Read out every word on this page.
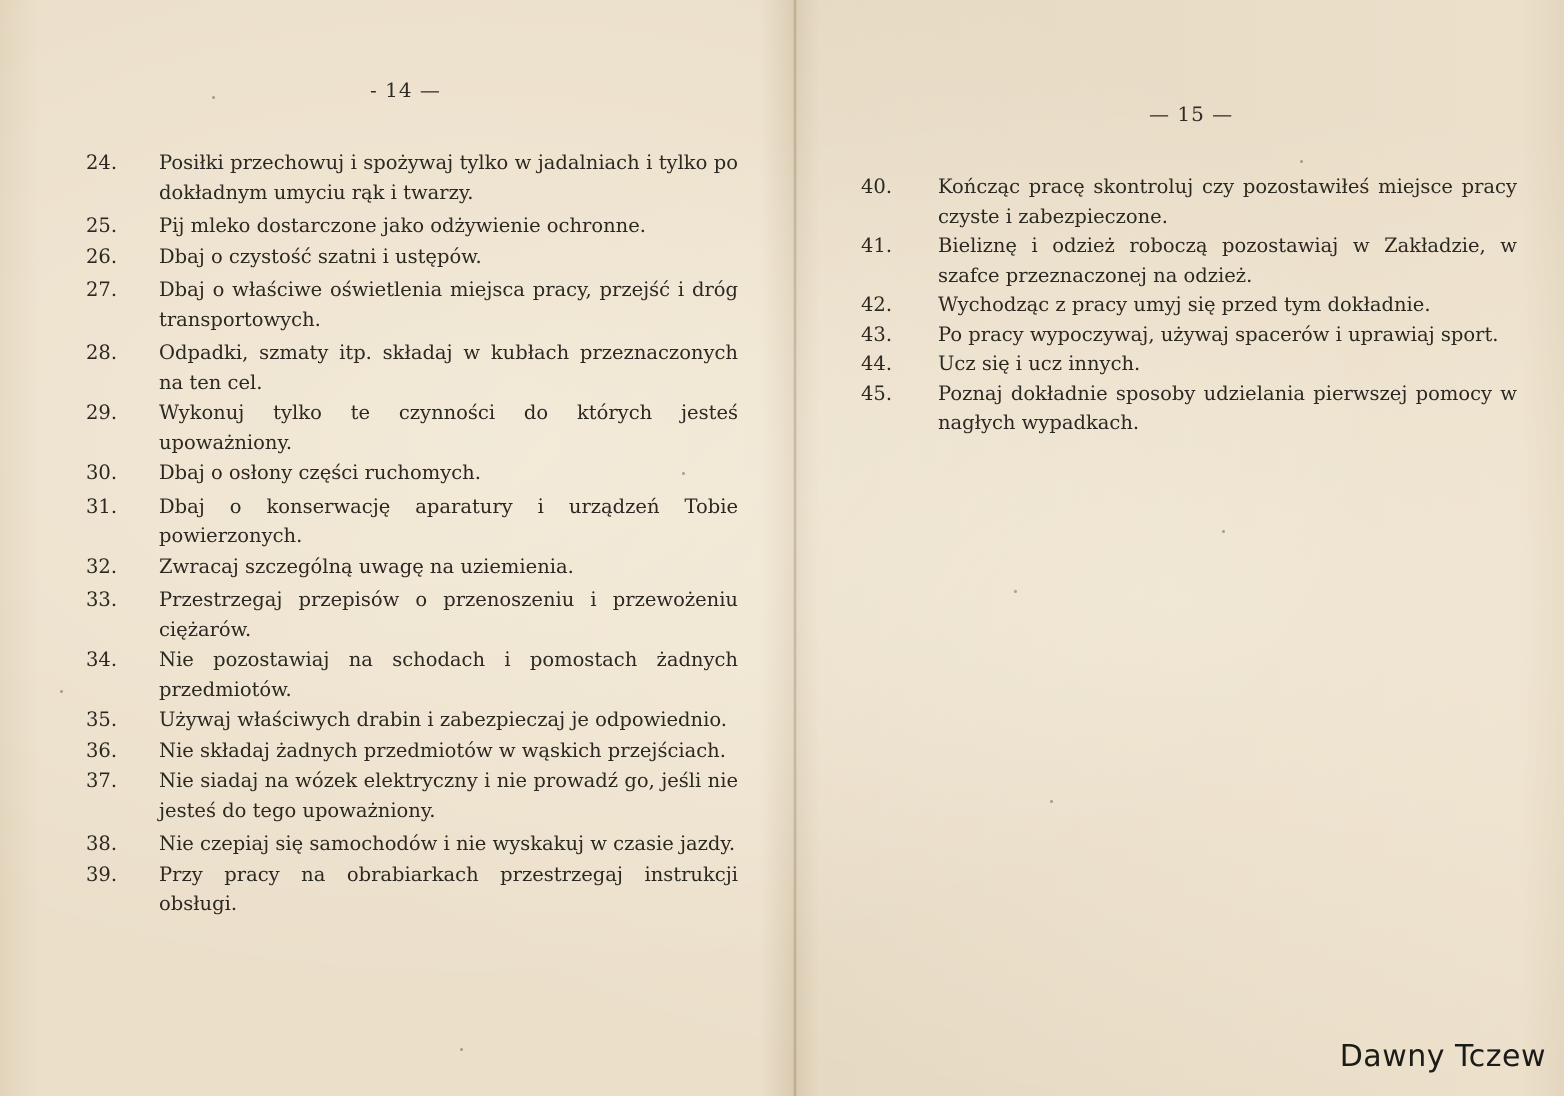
- 14 —
24.	Posiłki przechowuj i spożywaj tylko w jadalniach i tylko po dokładnym umyciu rąk i twarzy.
25.	Pij mleko dostarczone jako odżywienie ochronne.
26.	Dbaj o czystość szatni i ustępów.
27.	Dbaj o właściwe oświetlenia miejsca pracy, przejść i dróg transportowych.
28.	Odpadki, szmaty itp. składaj w kubłach przeznaczonych na ten cel.
29.	Wykonuj tylko te czynności do których jesteś upoważniony.
30.	Dbaj o osłony części ruchomych.
31.	Dbaj o konserwację aparatury i urządzeń Tobie powierzonych.
32.	Zwracaj szczególną uwagę na uziemienia.
33.	Przestrzegaj przepisów o przenoszeniu i przewożeniu ciężarów.
34.	Nie pozostawiaj na schodach i pomostach żadnych przedmiotów.
35.	Używaj właściwych drabin i zabezpieczaj je odpowiednio.
36.	Nie składaj żadnych przedmiotów w wąskich przejściach.
37.	Nie siadaj na wózek elektryczny i nie prowadź go, jeśli nie jesteś do tego upoważniony.
38.	Nie czepiaj się samochodów i nie wyskakuj w czasie jazdy.
39.	Przy pracy na obrabiarkach przestrzegaj instrukcji obsługi.
— 15 —
40.	Kończąc pracę skontroluj czy pozostawiłeś miejsce pracy czyste i zabezpieczone.
41.	Bieliznę i odzież roboczą pozostawiaj w Zakładzie, w szafce przeznaczonej na odzież.
42.	Wychodząc z pracy umyj się przed tym dokładnie.
43.	Po pracy wypoczywaj, używaj spacerów i uprawiaj sport.
44.	Ucz się i ucz innych.
45.	Poznaj dokładnie sposoby udzielania pierwszej pomocy w nagłych wypadkach.
Dawny Tczew
